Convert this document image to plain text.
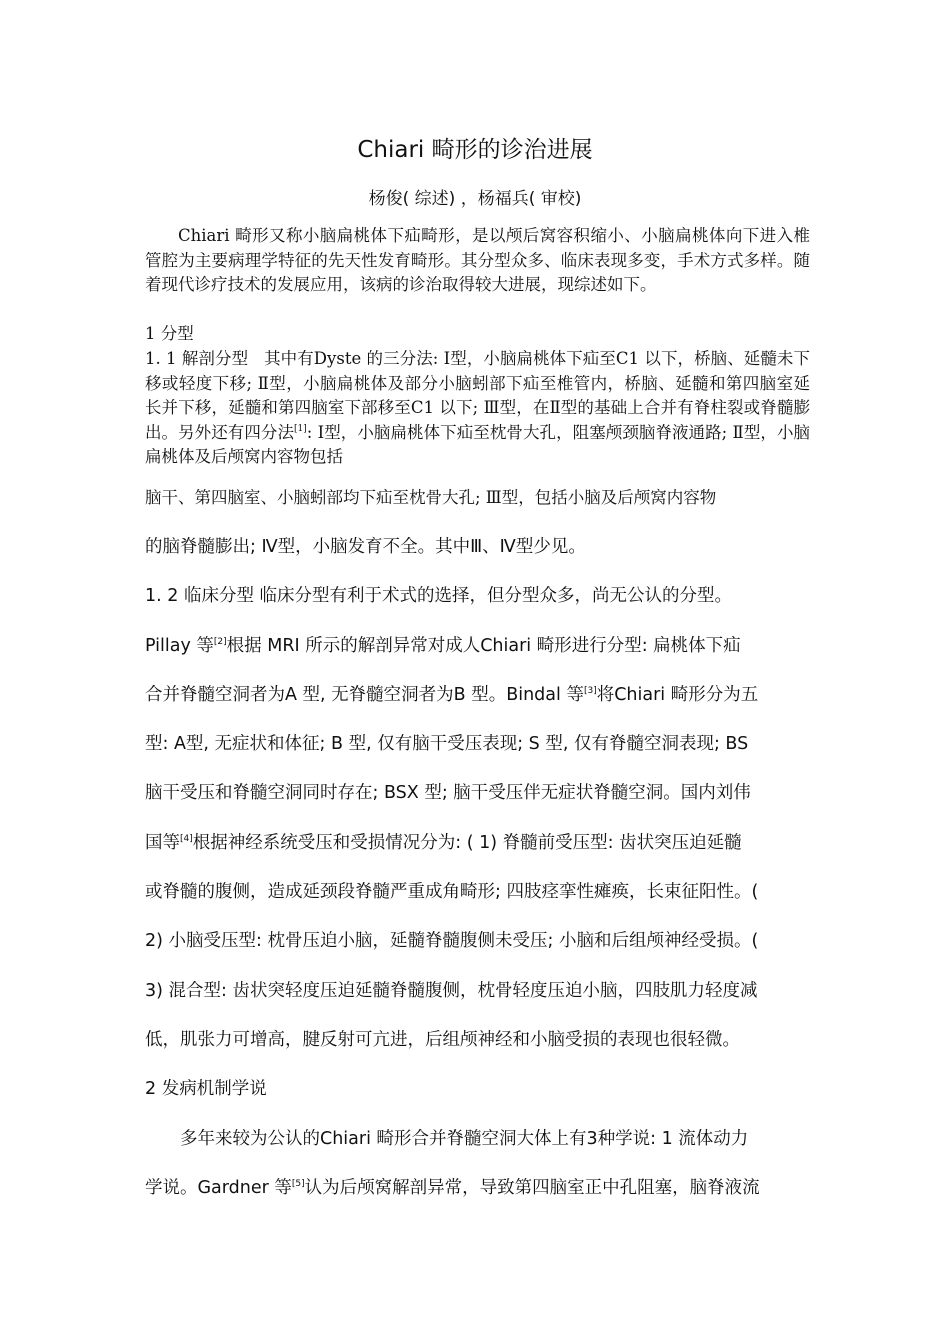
Chiari 畸形的诊治进展
杨俊( 综述) ，杨福兵( 审校)

Chiari 畸形又称小脑扁桃体下疝畸形，是以颅后窝容积缩小、小脑扁桃体向下进入椎管腔为主要病理学特征的先天性发育畸形。其分型众多、临床表现多变，手术方式多样。随着现代诊疗技术的发展应用，该病的诊治取得较大进展，现综述如下。

1 分型

1. 1 解剖分型 其中有Dyste 的三分法: Ⅰ型，小脑扁桃体下疝至C1 以下，桥脑、延髓未下移或轻度下移; Ⅱ型，小脑扁桃体及部分小脑蚓部下疝至椎管内，桥脑、延髓和第四脑室延长并下移，延髓和第四脑室下部移至C1 以下; Ⅲ型，在Ⅱ型的基础上合并有脊柱裂或脊髓膨出。另外还有四分法[1]: Ⅰ型，小脑扁桃体下疝至枕骨大孔，阻塞颅颈脑脊液通路; Ⅱ型，小脑扁桃体及后颅窝内容物包括

脑干、第四脑室、小脑蚓部均下疝至枕骨大孔; Ⅲ型，包括小脑及后颅窝内容物

的脑脊髓膨出; Ⅳ型，小脑发育不全。其中Ⅲ、Ⅳ型少见。
1. 2 临床分型 临床分型有利于术式的选择，但分型众多，尚无公认的分型。
Pillay 等[2]根据 MRI 所示的解剖异常对成人Chiari 畸形进行分型: 扁桃体下疝
合并脊髓空洞者为A 型, 无脊髓空洞者为B 型。Bindal 等[3]将Chiari 畸形分为五
型: A型, 无症状和体征; B 型, 仅有脑干受压表现; S 型, 仅有脊髓空洞表现; BS
脑干受压和脊髓空洞同时存在; BSX 型; 脑干受压伴无症状脊髓空洞。国内刘伟
国等[4]根据神经系统受压和受损情况分为: ( 1) 脊髓前受压型: 齿状突压迫延髓
或脊髓的腹侧，造成延颈段脊髓严重成角畸形; 四肢痉挛性瘫痪，长束征阳性。(
2) 小脑受压型: 枕骨压迫小脑，延髓脊髓腹侧未受压; 小脑和后组颅神经受损。(
3) 混合型: 齿状突轻度压迫延髓脊髓腹侧，枕骨轻度压迫小脑，四肢肌力轻度减
低，肌张力可增高，腱反射可亢进，后组颅神经和小脑受损的表现也很轻微。
2 发病机制学说
多年来较为公认的Chiari 畸形合并脊髓空洞大体上有3种学说: 1 流体动力
学说。Gardner 等[5]认为后颅窝解剖异常，导致第四脑室正中孔阻塞，脑脊液流
